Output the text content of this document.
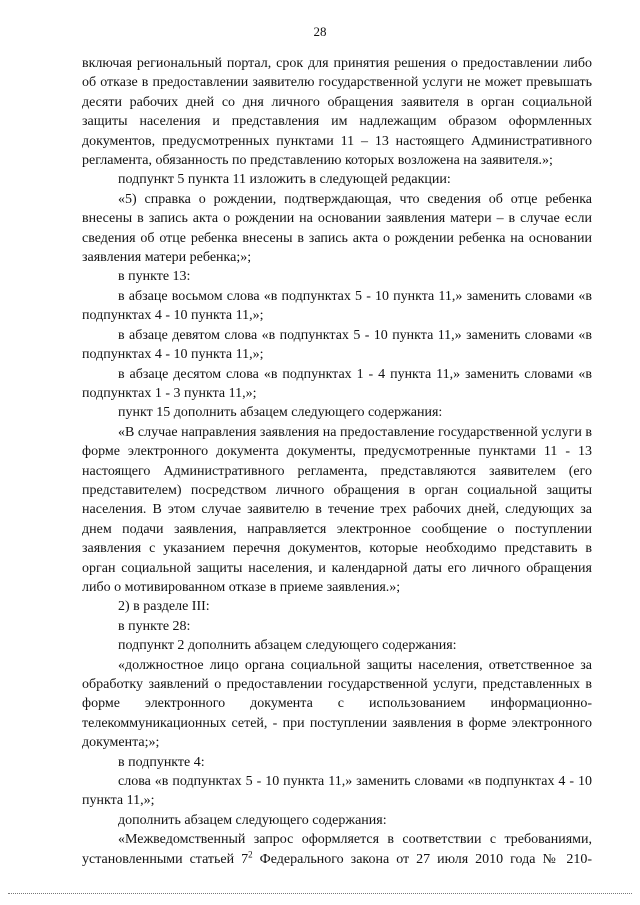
28

включая региональный портал, срок для принятия решения о предоставлении либо об отказе в предоставлении заявителю государственной услуги не может превышать десяти рабочих дней со дня личного обращения заявителя в орган социальной защиты населения и представления им надлежащим образом оформленных документов, предусмотренных пунктами 11 – 13 настоящего Административного регламента, обязанность по представлению которых возложена на заявителя.»;

подпункт 5 пункта 11 изложить в следующей редакции:

«5) справка о рождении, подтверждающая, что сведения об отце ребенка внесены в запись акта о рождении на основании заявления матери – в случае если сведения об отце ребенка внесены в запись акта о рождении ребенка на основании заявления матери ребенка;»;

в пункте 13:

в абзаце восьмом слова «в подпунктах 5 - 10 пункта 11,» заменить словами «в подпунктах 4 - 10 пункта 11,»;

в абзаце девятом слова «в подпунктах 5 - 10 пункта 11,» заменить словами «в подпунктах 4 - 10 пункта 11,»;

в абзаце десятом слова «в подпунктах 1 - 4 пункта 11,» заменить словами «в подпунктах 1 - 3 пункта 11,»;

пункт 15 дополнить абзацем следующего содержания:

«В случае направления заявления на предоставление государственной услуги в форме электронного документа документы, предусмотренные пунктами 11 - 13 настоящего Административного регламента, представляются заявителем (его представителем) посредством личного обращения в орган социальной защиты населения. В этом случае заявителю в течение трех рабочих дней, следующих за днем подачи заявления, направляется электронное сообщение о поступлении заявления с указанием перечня документов, которые необходимо представить в орган социальной защиты населения, и календарной даты его личного обращения либо о мотивированном отказе в приеме заявления.»;

2) в разделе III:

в пункте 28:

подпункт 2 дополнить абзацем следующего содержания:

«должностное лицо органа социальной защиты населения, ответственное за обработку заявлений о предоставлении государственной услуги, представленных в форме электронного документа с использованием информационно-телекоммуникационных сетей, - при поступлении заявления в форме электронного документа;»;

в подпункте 4:

слова «в подпунктах 5 - 10 пункта 11,» заменить словами «в подпунктах 4 - 10 пункта 11,»;

дополнить абзацем следующего содержания:

«Межведомственный запрос оформляется в соответствии с требованиями, установленными статьей $7^2$ Федерального закона от 27 июля 2010 года № 210-
